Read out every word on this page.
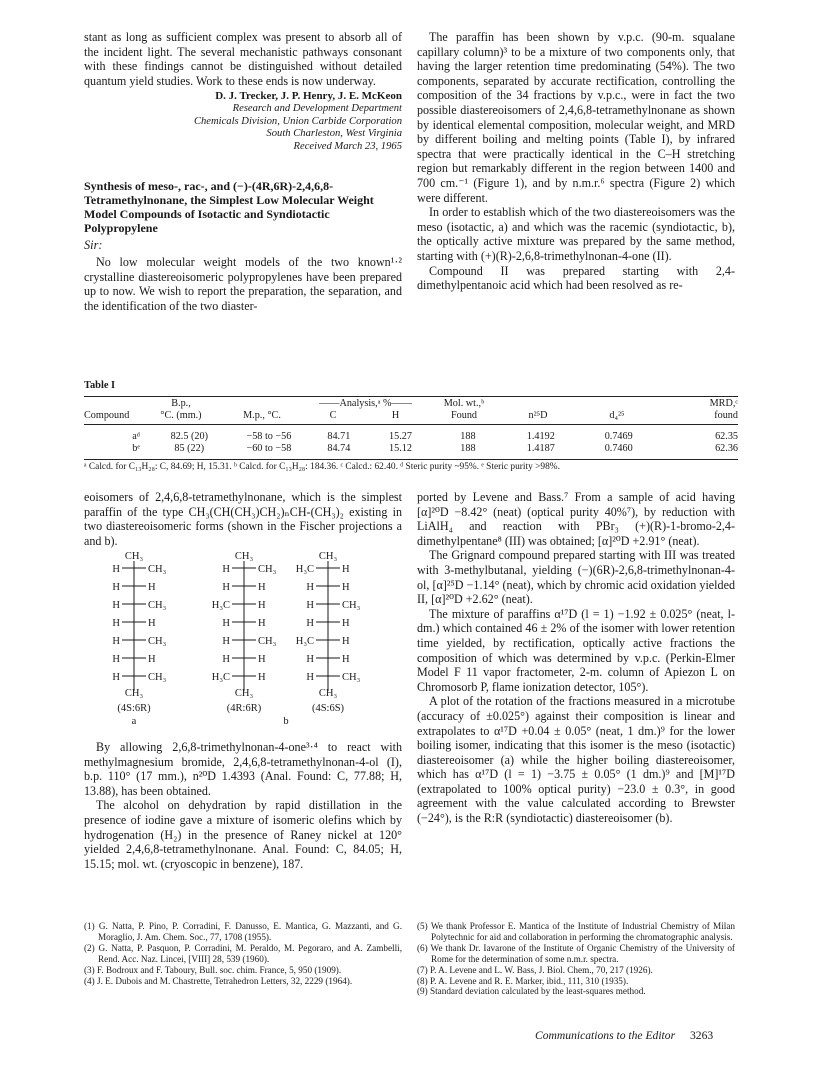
stant as long as sufficient complex was present to absorb all of the incident light. The several mechanistic pathways consonant with these findings cannot be distinguished without detailed quantum yield studies. Work to these ends is now underway.

D. J. Trecker, J. P. Henry, J. E. McKeon
Research and Development Department
Chemicals Division, Union Carbide Corporation
South Charleston, West Virginia
Received March 23, 1965
Synthesis of meso-, rac-, and (−)-(4R,6R)-2,4,6,8-Tetramethylnonane, the Simplest Low Molecular Weight Model Compounds of Isotactic and Syndiotactic Polypropylene
Sir:

No low molecular weight models of the two known¹·² crystalline diastereoisomeric polypropylenes have been prepared up to now. We wish to report the preparation, the separation, and the identification of the two diaster-

The paraffin has been shown by v.p.c. (90-m. squalane capillary column)³ to be a mixture of two components only, that having the larger retention time predominating (54%). The two components, separated by accurate rectification, controlling the composition of the 34 fractions by v.p.c., were in fact the two possible diastereoisomers of 2,4,6,8-tetramethylnonane as shown by identical elemental composition, molecular weight, and MRD by different boiling and melting points (Table I), by infrared spectra that were practically identical in the C–H stretching region but remarkably different in the region between 1400 and 700 cm.⁻¹ (Figure 1), and by n.m.r.⁶ spectra (Figure 2) which were different.

In order to establish which of the two diastereoisomers was the meso (isotactic, a) and which was the racemic (syndiotactic, b), the optically active mixture was prepared by the same method, starting with (+)(R)-2,6,8-trimethylnonan-4-one (II).

Compound II was prepared starting with 2,4-dimethylpentanoic acid which had been resolved as re-

Table I
	B.p.,		——Analysis,ᵃ %——		Mol. wt.,ᵇ			MRD,ᶜ
Compound	°C. (mm.)	M.p., °C.	C	H	Found	n²⁵D	d₄²⁵	found
aᵈ	82.5 (20)	−58 to −56	84.71	15.27	188	1.4192	0.7469	62.35
bᵉ	85 (22)	−60 to −58	84.74	15.12	188	1.4187	0.7460	62.36
ᵃ Calcd. for C₁₃H₂₈: C, 84.69; H, 15.31. ᵇ Calcd. for C₁₃H₂₈: 184.36. ᶜ Calcd.: 62.40. ᵈ Steric purity ~95%. ᵉ Steric purity >98%.

eoisomers of 2,4,6,8-tetramethylnonane, which is the simplest paraffin of the type CH₃(CH(CH₃)CH₂)ₙCH-(CH₃)₂ existing in two diastereoisomeric forms (shown in the Fischer projections a and b).

CH₃
H	CH₃
H	H
H	CH₃
H	H
H	CH₃
H	H
H	CH₃
CH₃
(4S:6R)
CH₃
H	CH₃
H	H
H₃C	H
H	H
H	CH₃
H	H
H₃C	H
CH₃
(4R:6R)
CH₃
H₃C	H
H	H
H	CH₃
H	H
H₃C	H
H	H
H	CH₃
CH₃
(4S:6S)
a	b

By allowing 2,6,8-trimethylnonan-4-one³·⁴ to react with methylmagnesium bromide, 2,4,6,8-tetramethylnonan-4-ol (I), b.p. 110° (17 mm.), n²⁰D 1.4393 (Anal. Found: C, 77.88; H, 13.88), has been obtained.

The alcohol on dehydration by rapid distillation in the presence of iodine gave a mixture of isomeric olefins which by hydrogenation (H₂) in the presence of Raney nickel at 120° yielded 2,4,6,8-tetramethylnonane. Anal. Found: C, 84.05; H, 15.15; mol. wt. (cryoscopic in benzene), 187.

(1) G. Natta, P. Pino, P. Corradini, F. Danusso, E. Mantica, G. Mazzanti, and G. Moraglio, J. Am. Chem. Soc., 77, 1708 (1955).

(2) G. Natta, P. Pasquon, P. Corradini, M. Peraldo, M. Pegoraro, and A. Zambelli, Rend. Acc. Naz. Lincei, [VIII] 28, 539 (1960).

(3) F. Bodroux and F. Taboury, Bull. soc. chim. France, 5, 950 (1909).

(4) J. E. Dubois and M. Chastrette, Tetrahedron Letters, 32, 2229 (1964).

ported by Levene and Bass.⁷ From a sample of acid having [α]²⁰D −8.42° (neat) (optical purity 40%⁷), by reduction with LiAlH₄ and reaction with PBr₃ (+)(R)-1-bromo-2,4-dimethylpentane⁸ (III) was obtained; [α]²⁰D +2.91° (neat).

The Grignard compound prepared starting with III was treated with 3-methylbutanal, yielding (−)(6R)-2,6,8-trimethylnonan-4-ol, [α]²⁵D −1.14° (neat), which by chromic acid oxidation yielded II, [α]²⁰D +2.62° (neat).

The mixture of paraffins α¹⁷D (l = 1) −1.92 ± 0.025° (neat, l-dm.) which contained 46 ± 2% of the isomer with lower retention time yielded, by rectification, optically active fractions the composition of which was determined by v.p.c. (Perkin-Elmer Model F 11 vapor fractometer, 2-m. column of Apiezon L on Chromosorb P, flame ionization detector, 105°).

A plot of the rotation of the fractions measured in a microtube (accuracy of ±0.025°) against their composition is linear and extrapolates to α¹⁷D +0.04 ± 0.05° (neat, 1 dm.)⁹ for the lower boiling isomer, indicating that this isomer is the meso (isotactic) diastereoisomer (a) while the higher boiling diastereoisomer, which has α¹⁷D (l = 1) −3.75 ± 0.05° (1 dm.)⁹ and [M]¹⁷D (extrapolated to 100% optical purity) −23.0 ± 0.3°, in good agreement with the value calculated according to Brewster (−24°), is the R:R (syndiotactic) diastereoisomer (b).

(5) We thank Professor E. Mantica of the Institute of Industrial Chemistry of Milan Polytechnic for aid and collaboration in performing the chromatographic analysis.

(6) We thank Dr. Iavarone of the Institute of Organic Chemistry of the University of Rome for the determination of some n.m.r. spectra.

(7) P. A. Levene and L. W. Bass, J. Biol. Chem., 70, 217 (1926).

(8) P. A. Levene and R. E. Marker, ibid., 111, 310 (1935).

(9) Standard deviation calculated by the least-squares method.

Communications to the Editor 3263
